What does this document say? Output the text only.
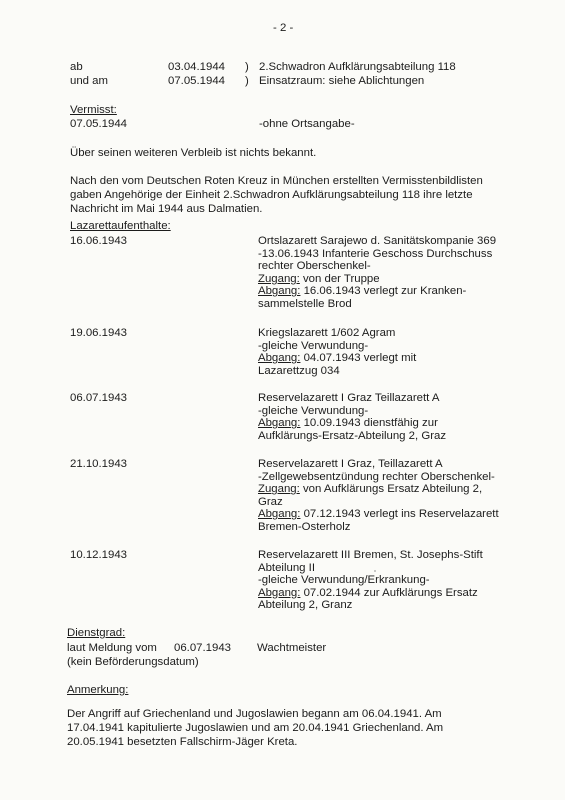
- 2 -
ab	03.04.1944 ) 2.Schwadron Aufklärungsabteilung 118
und am	07.05.1944 ) Einsatzraum: siehe Ablichtungen
Vermisst:
07.05.1944	-ohne Ortsangabe-
Über seinen weiteren Verbleib ist nichts bekannt.
Nach den vom Deutschen Roten Kreuz in München erstellten Vermisstenbildlisten
gaben Angehörige der Einheit 2.Schwadron Aufklärungsabteilung 118 ihre letzte
Nachricht im Mai 1944 aus Dalmatien.
Lazarettaufenthalte:
16.06.1943	Ortslazarett Sarajewo d. Sanitätskompanie 369
-13.06.1943 Infanterie Geschoss Durchschuss
rechter Oberschenkel-
Zugang: von der Truppe
Abgang: 16.06.1943 verlegt zur Kranken-
sammelstelle Brod
19.06.1943	Kriegslazarett 1/602 Agram
-gleiche Verwundung-
Abgang: 04.07.1943 verlegt mit
Lazarettzug 034
06.07.1943	Reservelazarett I Graz Teillazarett A
-gleiche Verwundung-
Abgang: 10.09.1943 dienstfähig zur
Aufklärungs-Ersatz-Abteilung 2, Graz
21.10.1943	Reservelazarett I Graz, Teillazarett A
-Zellgewebsentzündung rechter Oberschenkel-
Zugang: von Aufklärungs Ersatz Abteilung 2,
Graz
Abgang: 07.12.1943 verlegt ins Reservelazarett
Bremen-Osterholz
10.12.1943	Reservelazarett III Bremen, St. Josephs-Stift
Abteilung II
-gleiche Verwundung/Erkrankung-
Abgang: 07.02.1944 zur Aufklärungs Ersatz
Abteilung 2, Granz
Dienstgrad:
laut Meldung vom 06.07.1943 Wachtmeister
(kein Beförderungsdatum)
Anmerkung:
Der Angriff auf Griechenland und Jugoslawien begann am 06.04.1941. Am
17.04.1941 kapitulierte Jugoslawien und am 20.04.1941 Griechenland. Am
20.05.1941 besetzten Fallschirm-Jäger Kreta.
